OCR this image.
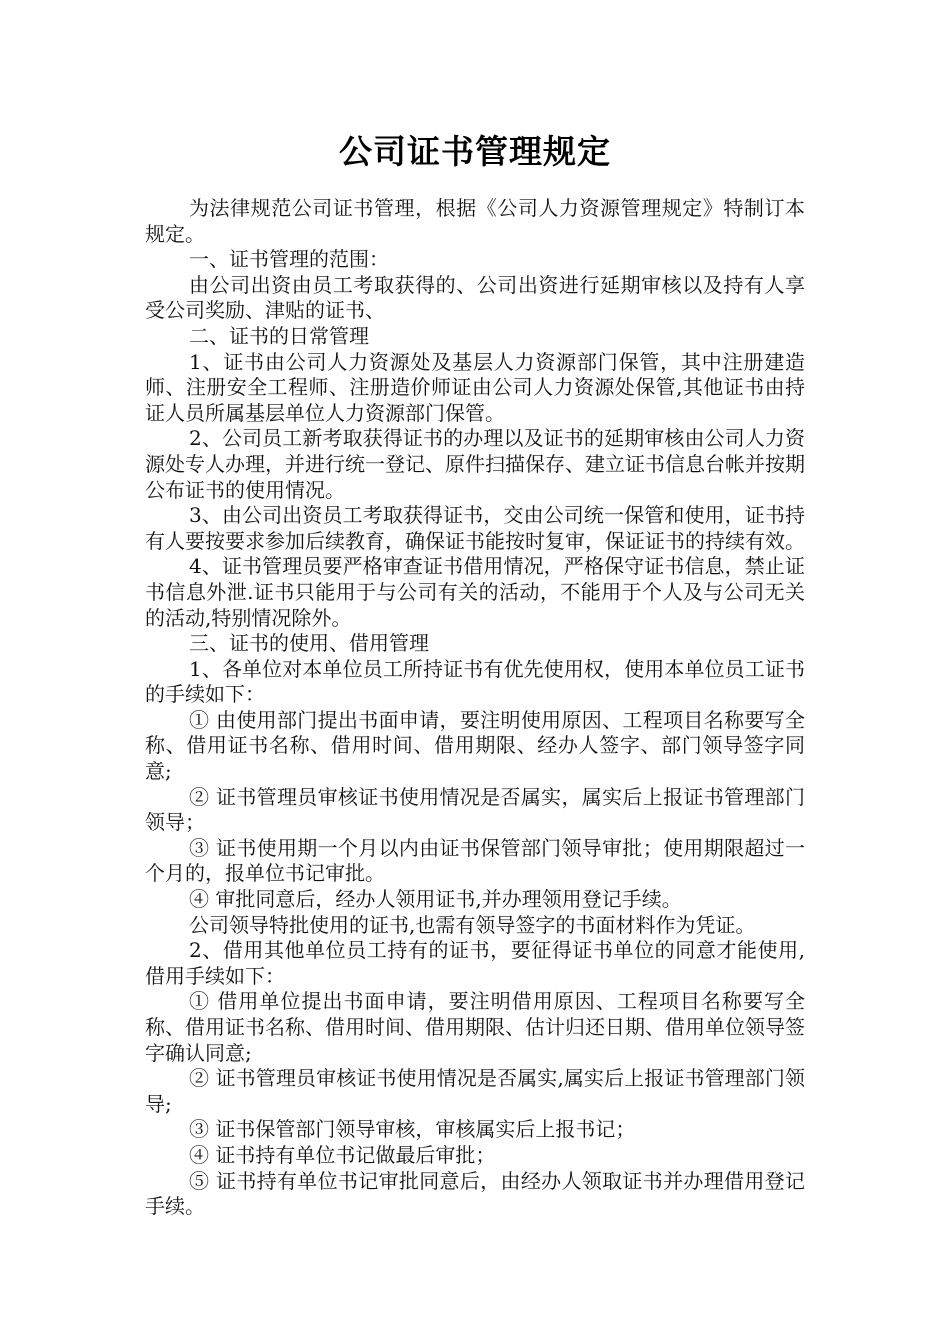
公司证书管理规定

为法律规范公司证书管理，根据《公司人力资源管理规定》特制订本规定。

一、证书管理的范围：

由公司出资由员工考取获得的、公司出资进行延期审核以及持有人享受公司奖励、津贴的证书、

二、证书的日常管理

1、证书由公司人力资源处及基层人力资源部门保管，其中注册建造师、注册安全工程师、注册造价师证由公司人力资源处保管,其他证书由持证人员所属基层单位人力资源部门保管。

2、公司员工新考取获得证书的办理以及证书的延期审核由公司人力资源处专人办理，并进行统一登记、原件扫描保存、建立证书信息台帐并按期公布证书的使用情况。

3、由公司出资员工考取获得证书，交由公司统一保管和使用，证书持有人要按要求参加后续教育，确保证书能按时复审，保证证书的持续有效。

4、证书管理员要严格审查证书借用情况，严格保守证书信息，禁止证书信息外泄.证书只能用于与公司有关的活动，不能用于个人及与公司无关的活动,特别情况除外。

三、证书的使用、借用管理

1、各单位对本单位员工所持证书有优先使用权，使用本单位员工证书的手续如下：

① 由使用部门提出书面申请，要注明使用原因、工程项目名称要写全称、借用证书名称、借用时间、借用期限、经办人签字、部门领导签字同意;

② 证书管理员审核证书使用情况是否属实，属实后上报证书管理部门领导；

③ 证书使用期一个月以内由证书保管部门领导审批；使用期限超过一个月的，报单位书记审批。

④ 审批同意后，经办人领用证书,并办理领用登记手续。

公司领导特批使用的证书,也需有领导签字的书面材料作为凭证。

2、借用其他单位员工持有的证书，要征得证书单位的同意才能使用,借用手续如下：

① 借用单位提出书面申请，要注明借用原因、工程项目名称要写全称、借用证书名称、借用时间、借用期限、估计归还日期、借用单位领导签字确认同意;

② 证书管理员审核证书使用情况是否属实,属实后上报证书管理部门领导;

③ 证书保管部门领导审核，审核属实后上报书记；

④ 证书持有单位书记做最后审批；

⑤ 证书持有单位书记审批同意后，由经办人领取证书并办理借用登记手续。
